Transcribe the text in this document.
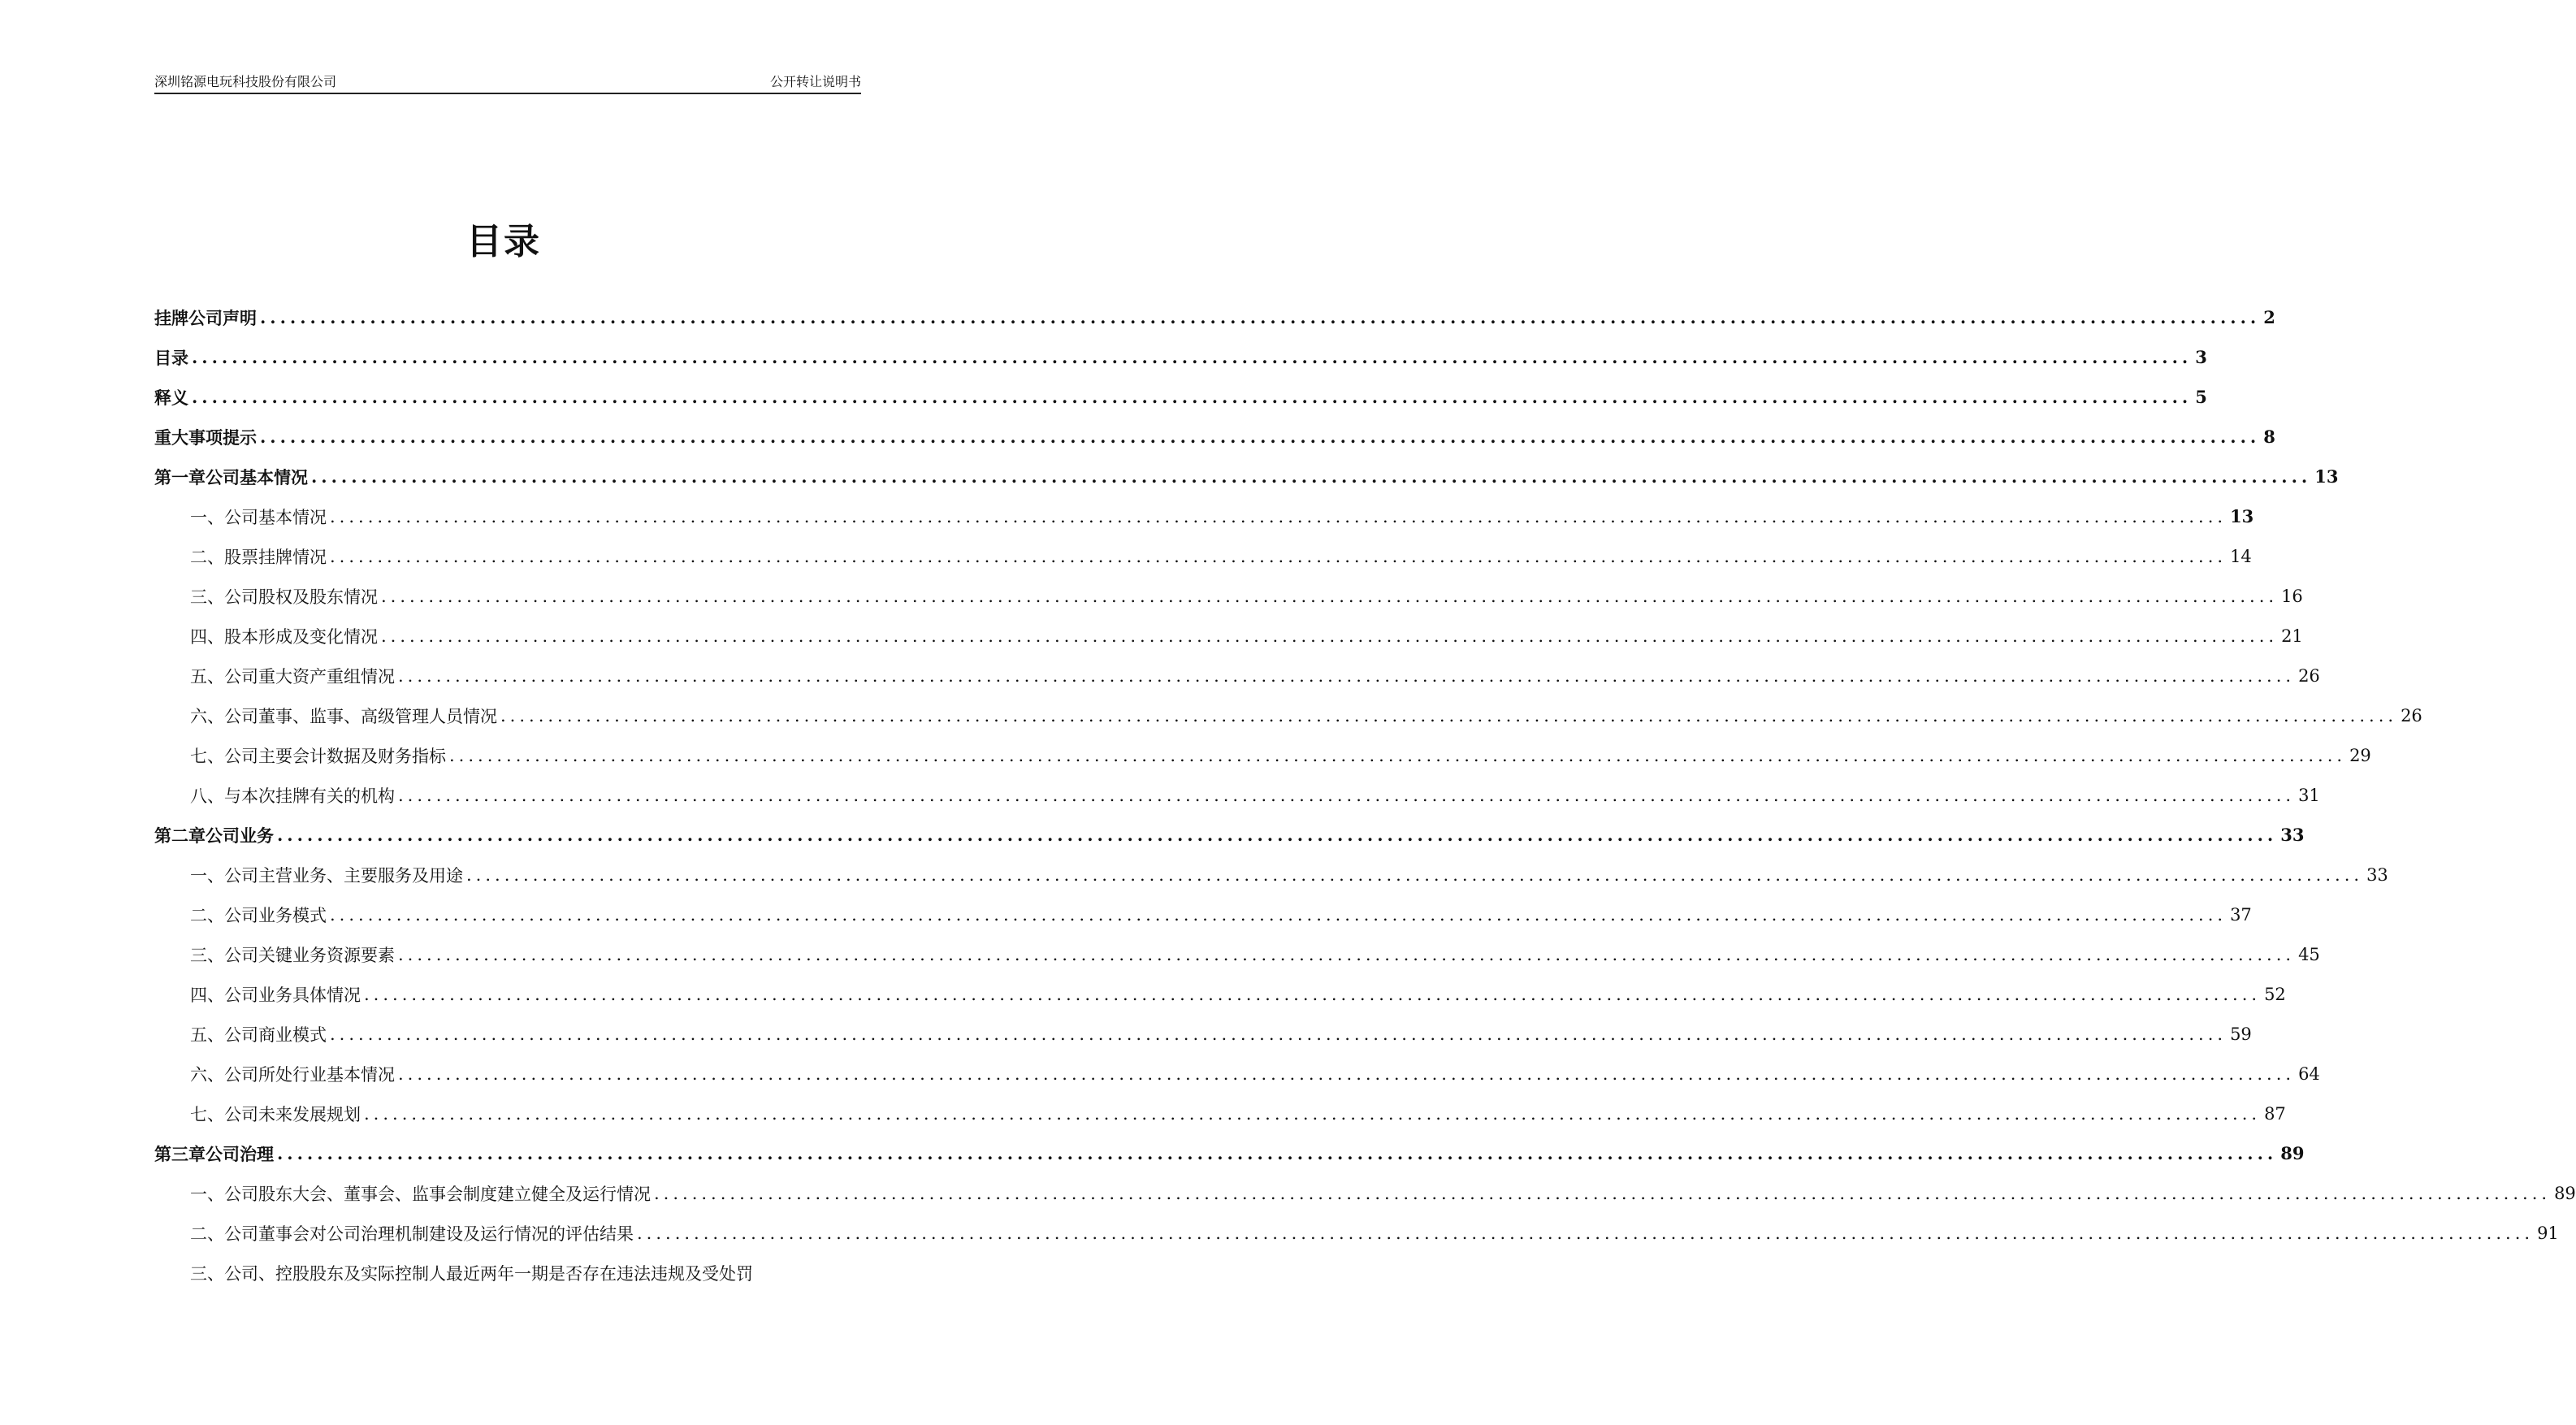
深圳铭源电玩科技股份有限公司	公开转让说明书
目录
挂牌公司声明 ........................................................................................................................................................................................................ 2
目录 ........................................................................................................................................................................................................ 3
释义 ........................................................................................................................................................................................................ 5
重大事项提示 ........................................................................................................................................................................................................ 8
第一章公司基本情况 ........................................................................................................................................................................................................ 13
一、公司基本情况 ........................................................................................................................................................................................................ 13
二、股票挂牌情况 ........................................................................................................................................................................................................ 14
三、公司股权及股东情况 ........................................................................................................................................................................................................ 16
四、股本形成及变化情况 ........................................................................................................................................................................................................ 21
五、公司重大资产重组情况 ........................................................................................................................................................................................................ 26
六、公司董事、监事、高级管理人员情况 ........................................................................................................................................................................................................ 26
七、公司主要会计数据及财务指标 ........................................................................................................................................................................................................ 29
八、与本次挂牌有关的机构 ........................................................................................................................................................................................................ 31
第二章公司业务 ........................................................................................................................................................................................................ 33
一、公司主营业务、主要服务及用途 ........................................................................................................................................................................................................ 33
二、公司业务模式 ........................................................................................................................................................................................................ 37
三、公司关键业务资源要素 ........................................................................................................................................................................................................ 45
四、公司业务具体情况 ........................................................................................................................................................................................................ 52
五、公司商业模式 ........................................................................................................................................................................................................ 59
六、公司所处行业基本情况 ........................................................................................................................................................................................................ 64
七、公司未来发展规划 ........................................................................................................................................................................................................ 87
第三章公司治理 ........................................................................................................................................................................................................ 89
一、公司股东大会、董事会、监事会制度建立健全及运行情况 ........................................................................................................................................................................................................ 89
二、公司董事会对公司治理机制建设及运行情况的评估结果 ........................................................................................................................................................................................................ 91
三、公司、控股股东及实际控制人最近两年一期是否存在违法违规及受处罚
